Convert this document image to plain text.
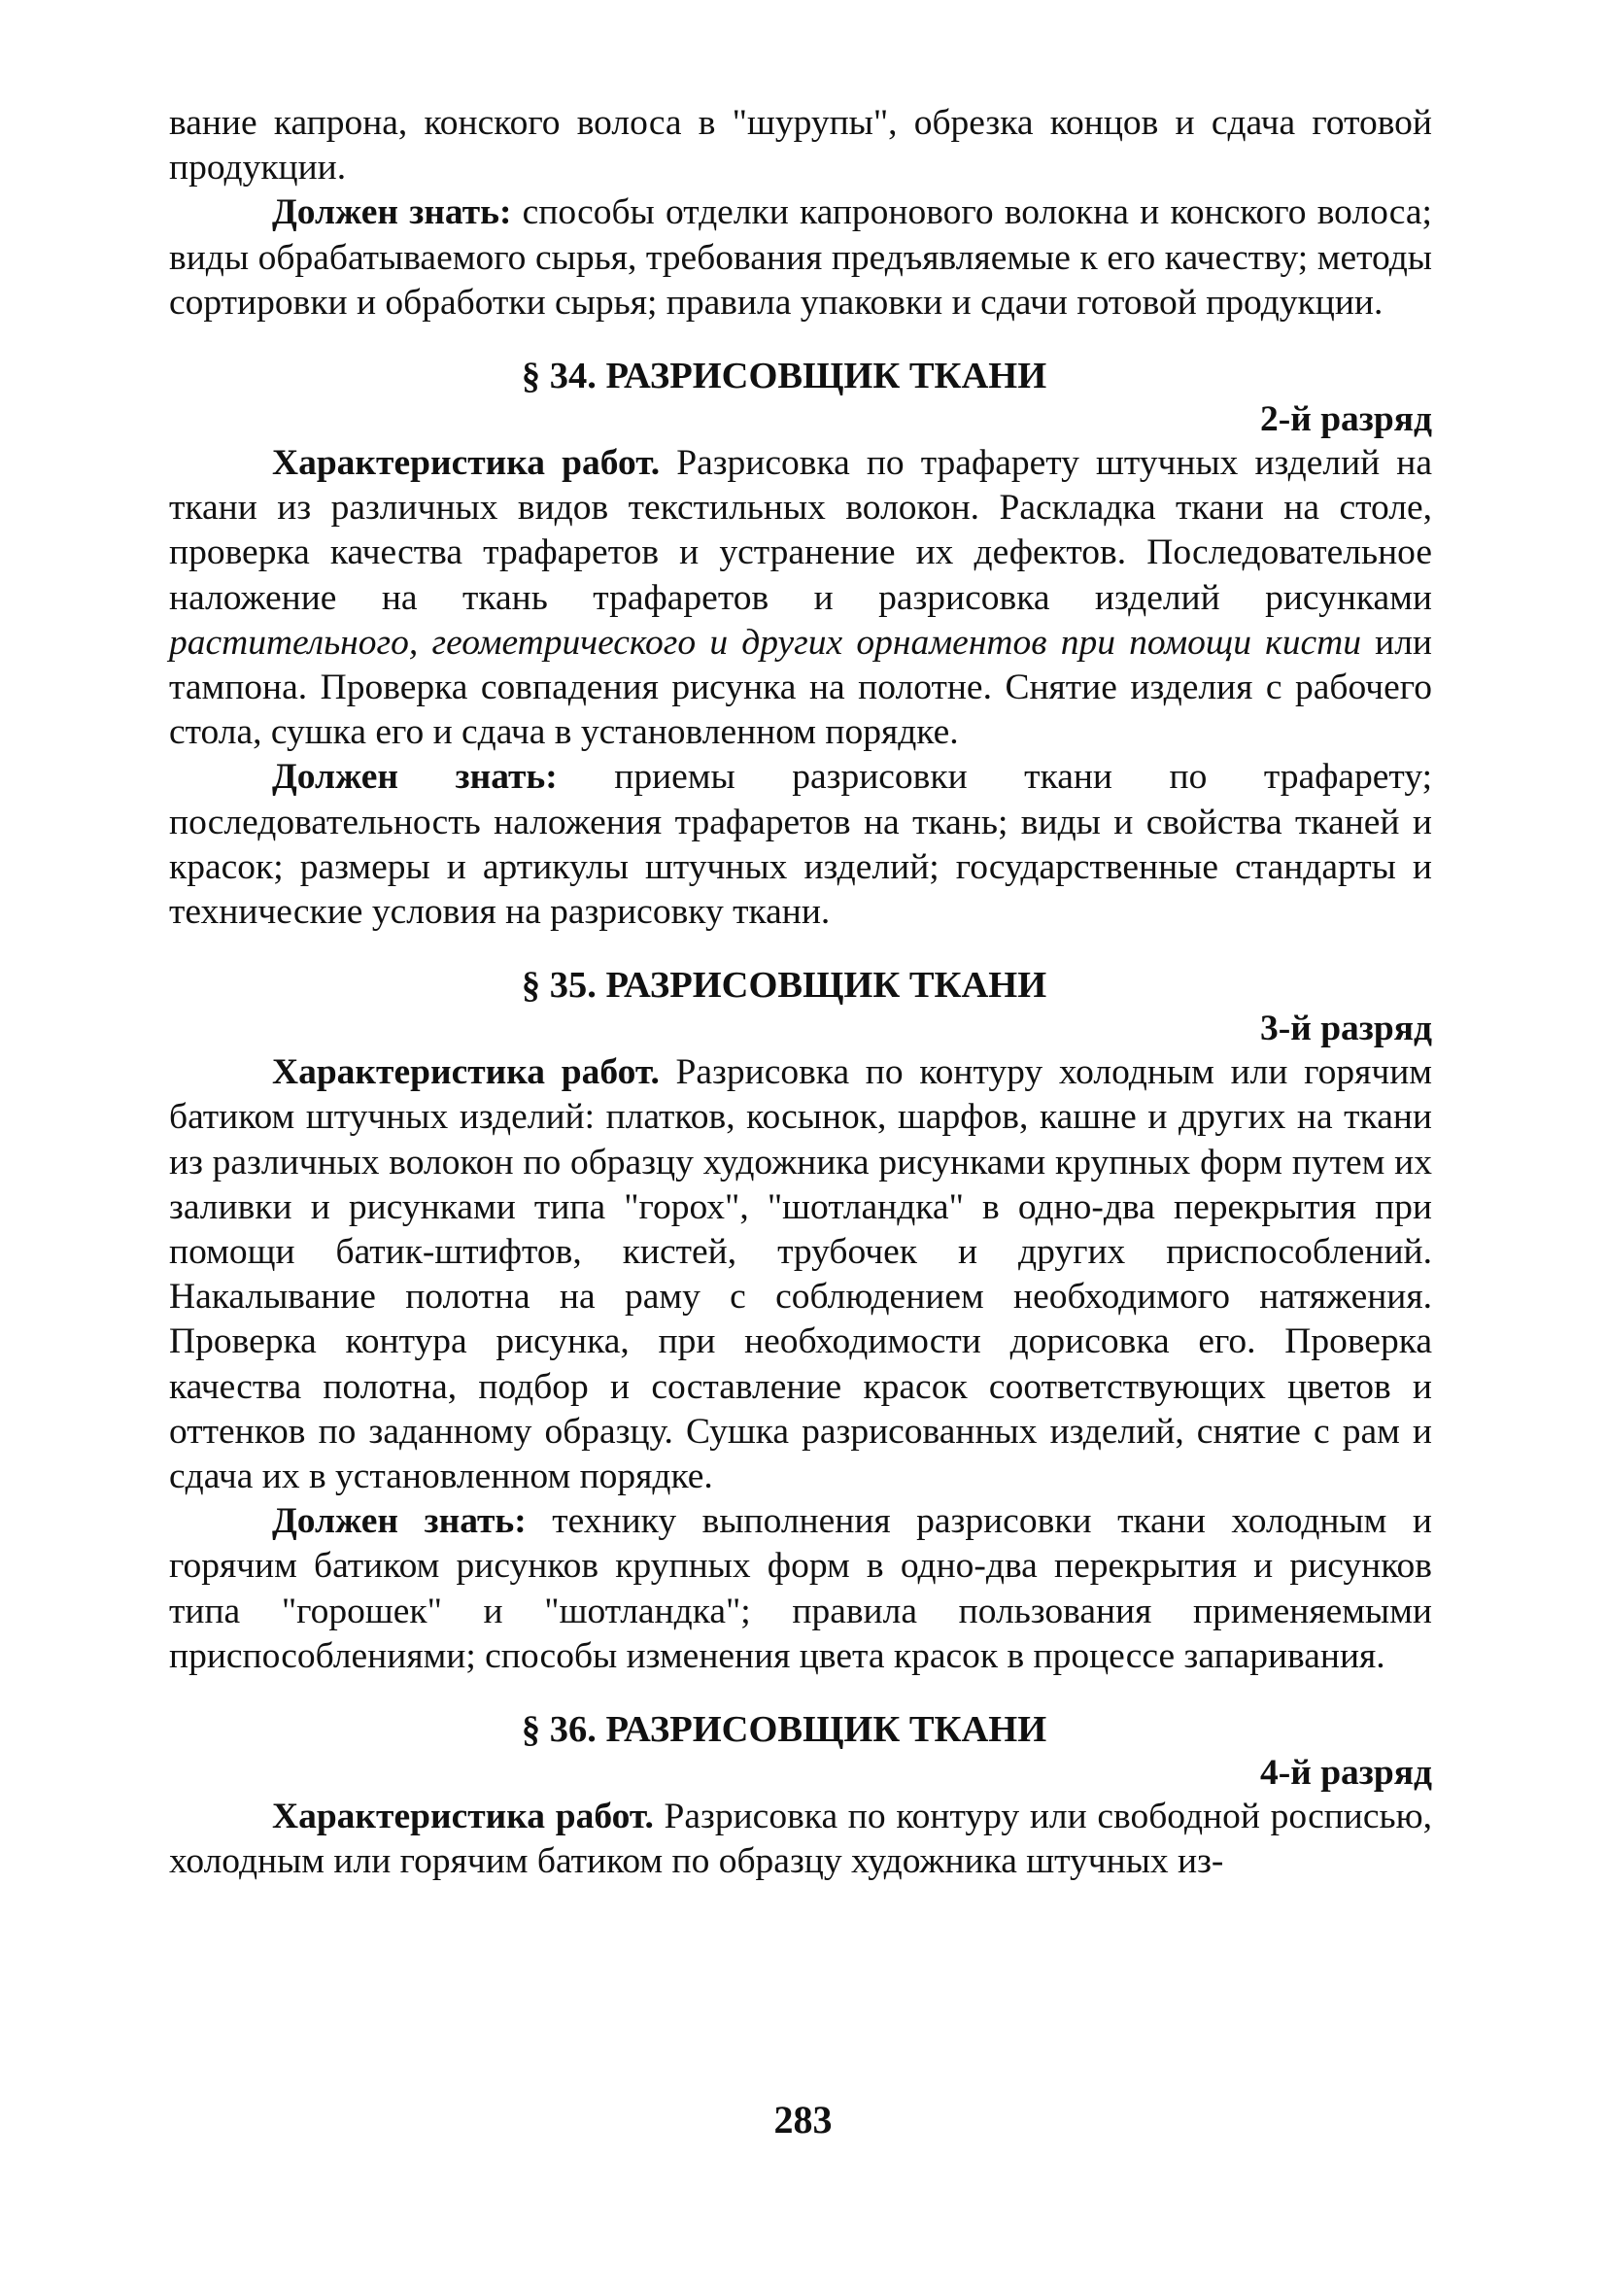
вание капрона, конского волоса в "шурупы", обрезка концов и сдача готовой продукции.

Должен знать: способы отделки капронового волокна и конского волоса; виды обрабатываемого сырья, требования предъявляемые к его качеству; методы сортировки и обработки сырья; правила упаковки и сдачи готовой продукции.

§ 34. РАЗРИСОВЩИК ТКАНИ

2-й разряд

Характеристика работ. Разрисовка по трафарету штучных изделий на ткани из различных видов текстильных волокон. Раскладка ткани на столе, проверка качества трафаретов и устранение их дефектов. Последовательное наложение на ткань трафаретов и разрисовка изделий рисунками растительного, геометрического и других орнаментов при помощи кисти или тампона. Проверка совпадения рисунка на полотне. Снятие изделия с рабочего стола, сушка его и сдача в установленном порядке.

Должен знать: приемы разрисовки ткани по трафарету; последовательность наложения трафаретов на ткань; виды и свойства тканей и красок; размеры и артикулы штучных изделий; государственные стандарты и технические условия на разрисовку ткани.

§ 35. РАЗРИСОВЩИК ТКАНИ

3-й разряд

Характеристика работ. Разрисовка по контуру холодным или горячим батиком штучных изделий: платков, косынок, шарфов, кашне и других на ткани из различных волокон по образцу художника рисунками крупных форм путем их заливки и рисунками типа "горох", "шотландка" в одно-два перекрытия при помощи батик-штифтов, кистей, трубочек и других приспособлений. Накалывание полотна на раму с соблюдением необходимого натяжения. Проверка контура рисунка, при необходимости дорисовка его. Проверка качества полотна, подбор и составление красок соответствующих цветов и оттенков по заданному образцу. Сушка разрисованных изделий, снятие с рам и сдача их в установленном порядке.

Должен знать: технику выполнения разрисовки ткани холодным и горячим батиком рисунков крупных форм в одно-два перекрытия и рисунков типа "горошек" и "шотландка"; правила пользования применяемыми приспособлениями; способы изменения цвета красок в процессе запаривания.

§ 36. РАЗРИСОВЩИК ТКАНИ

4-й разряд

Характеристика работ. Разрисовка по контуру или свободной росписью, холодным или горячим батиком по образцу художника штучных из-

283
